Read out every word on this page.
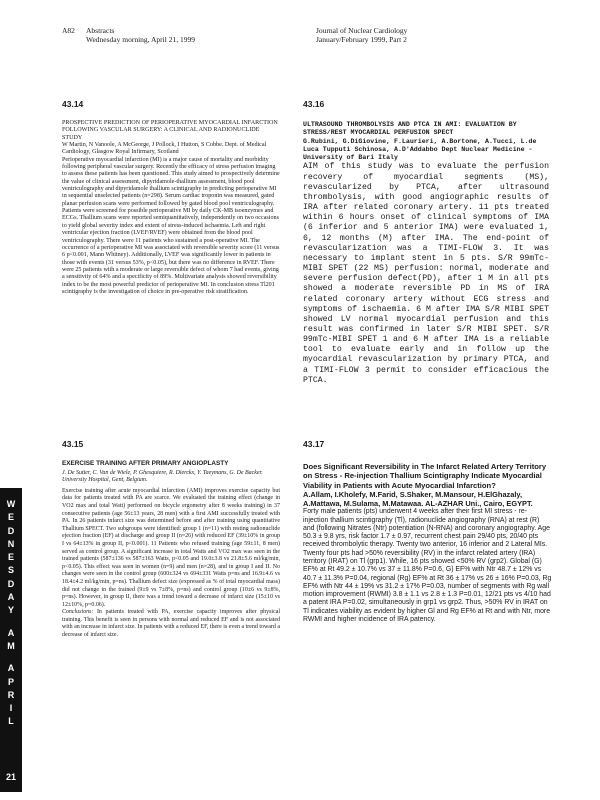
A82 Abstracts
Wednesday morning, April 21, 1999
Journal of Nuclear Cardiology
January/February 1999, Part 2
43.14

PROSPECTIVE PREDICTION OF PERIOPERATIVE MYOCARDIAL INFARCTION FOLLOWING VASCULAR SURGERY: A CLINICAL AND RADIONUCLIDE STUDY

W Martin, N Vanoole, A McGeorge, J Pollock, I Hutton, S Cobbe. Dept. of Medical Cardiology, Glasgow Royal Infirmary, Scotland

Perioperative myocardial infarction (MI) is a major cause of mortality and morbidity following peripheral vascular surgery. Recently the efficacy of stress perfusion imaging to assess these patients has been questioned. This study aimed to prospectively determine the value of clinical assessment, dipyridamole-thallium assessment, blood pool ventriculography and dipyridamole thallium scintigraphy in predicting perioperative MI in sequential unselected patients (n=298). Serum cardiac troponin was measured, gated planar perfusion scans were performed followed by gated blood pool ventriculography. Patients were screened for possible perioperative MI by daily CK-MB isoenzymes and ECGs. Thallium scans were reported semiquantitatively, independently on two occasions to yield global severity index and extent of stress-induced ischaemia. Left and right ventricular ejection fraction (LVEF/RVEF) were obtained from the blood pool ventriculography. There were 11 patients who sustained a post-operative MI. The occurrence of a perioperative MI was associated with reversible severity score (11 versus 6 p<0.001, Mann Whitney). Additionally, LVEF was significantly lower in patients in those with events (31 versus 53%, p<0.05), but there was no difference in RVEF. There were 25 patients with a moderate or large reversible defect of whom 7 had events, giving a sensitivity of 64% and a specificity of 89%. Multivariate analysis showed reversibility index to be the most powerful predictor of perioperative MI. In conclusion stress Tl201 scintigraphy is the investigation of choice in pre-operative risk stratification.

43.16

ULTRASOUND THROMBOLYSIS AND PTCA IN AMI: EVALUATION BY STRESS/REST MYOCARDIAL PERFUSION SPECT

G.Rubini, G.DiGiovine, F.Laurieri, A.Bortone, A.Tucci, L.de Luca Tupputi Schinosa, A.D'Addabbo Dept Nuclear Medicine - University of Bari Italy

AIM of this study was to evaluate the perfusion recovery of myocardial segments (MS), revascularized by PTCA, after ultrasound thrombolysis, with good angiographic results of IRA after related coronary artery. 11 pts treated within 6 hours onset of clinical symptoms of IMA (6 inferior and 5 anterior IMA) were evaluated 1, 6, 12 months (M) after IMA. The end-point of revascularization was a TIMI-FLOW 3. It was necessary to implant stent in 5 pts. S/R 99mTc-MIBI SPET (22 MS) perfusion: normal, moderate and severe perfusion defect(PD), after 1 M in all pts showed a moderate reversible PD in MS of IRA related coronary artery without ECG stress and symptoms of ischaemia. 6 M after IMA S/R MIBI SPET showed LV normal myocardial perfusion and this result was confirmed in later S/R MIBI SPET. S/R 99mTc-MIBI SPET 1 and 6 M after IMA is a reliable tool to evaluate early and in follow up the myocardial revascularization by primary PTCA, and a TIMI-FLOW 3 permit to consider efficacious the PTCA.

43.15

EXERCISE TRAINING AFTER PRIMARY ANGIOPLASTY

J. De Sutter, C. Van de Wiele, P. Ghesquiere, R. Dierckx, Y. Taeymans, G. De Backer. University Hospital, Gent, Belgium.

Exercise training after acute myocardial infarction (AMI) improves exercise capacity but data for patients treated with PA are scarce. We evaluated the training effect (change in VO2 max and total Watt) performed on bicycle ergometry after 8 weeks training) in 37 consecutive patients (age 56±13 years, 28 men) with a first AMI successfully treated with PA. In 26 patients infarct size was determined before and after training using quantitative Thallium SPECT. Two subgroups were identified: group 1 (n=11) with resting radionuclide ejection fraction (EF) at discharge and group II (n=26) with reduced EF (39±10% in group I vs 64±13% in group II, p<0.001). 11 Patients who refused training (age 59±11, 8 men) served as control group. A significant increase in total Watts and VO2 max was seen in the trained patients (587±136 vs 587±163 Watts, p<0.05 and 19.0±3.8 vs 21.8±5.6 ml/kg/min, p<0.05). This effect was seen in women (n=9) and men (n=28), and in group I and II. No changes were seen in the control group (600±324 vs 694±331 Watts p=ns and 16.9±4.6 vs 18.4±4.2 ml/kg/min, p=ns). Thallium defect size (expressed as % of total myocardial mass) did not change in the trained (9±9 vs 7±8%, p=ns) and control group (10±6 vs 9±8%, p=ns). However, in group II, there was a trend toward a decrease of infarct size (15±10 vs 12±10%, p=0.06).

Conclusions: In patients treated with PA, exercise capacity improves after physical training. This benefit is seen in persons with normal and reduced EF and is not associated with an increase in infarct size. In patients with a reduced EF, there is even a trend toward a decrease of infarct size.

43.17

Does Significant Reversibility in The Infarct Related Artery Territory on Stress - Re-injection Thallium Scintigraphy Indicate Myocardial Viability in Patients with Acute Myocardial Infarction?

A.Allam, I.Kholefy, M.Farid, S.Shaker, M.Mansour, H.ElGhazaly, A.Mattawa, M.Sulama, M.Matawaa. AL-AZHAR Uni., Cairo, EGYPT.

Forty male patients (pts) underwent 4 weeks after their first MI stress - re-injection thallium scintigraphy (Tl), radionuclide angiography (RNA) at rest (R) and (following Nitrates (Ntr) potentiation (N-RNA) and coronary angiography. Age 50.3 ± 9.8 yrs, risk factor 1.7 ± 0.97, recurrent chest pain 29/40 pts, 20/40 pts received thrombolytic therapy. Twenty two anterior, 16 inferior and 2 Lateral MIs. Twenty four pts had >50% reversibility (RV) in the infarct related artery (IRA) territory (IRAT) on Tl (grp1). While, 16 pts showed <50% RV (grp2). Global (G) EF% at Rt 49.2 ± 10.7% vs 37 ± 11.8% P=0.6, G) EF% with Ntr 48.7 ± 12% vs 40.7 ± 11.3% P=0.04, regional (Rg) EF% at Rt 36 ± 17% vs 26 ± 16% P=0.03, Rg EF% with Ntr 44 ± 19% vs 31.2 ± 17% P=0.03, number of segments with Rg wall motion improvement (RWMI) 3.8 ± 1.1 vs 2.8 ± 1.3 P=0.01, 12/21 pts vs 4/10 had a patent IRA P=0.02, simultaneously in grp1 vs grp2. Thus, >50% RV in IRAT on Tl indicates viability as evident by higher Gl and Rg EF% at Rt and with Ntr, more RWMI and higher incidence of IRA patency.

W
E
D
N
E
S
D
A
Y
A
M
A
P
R
I
L
21
